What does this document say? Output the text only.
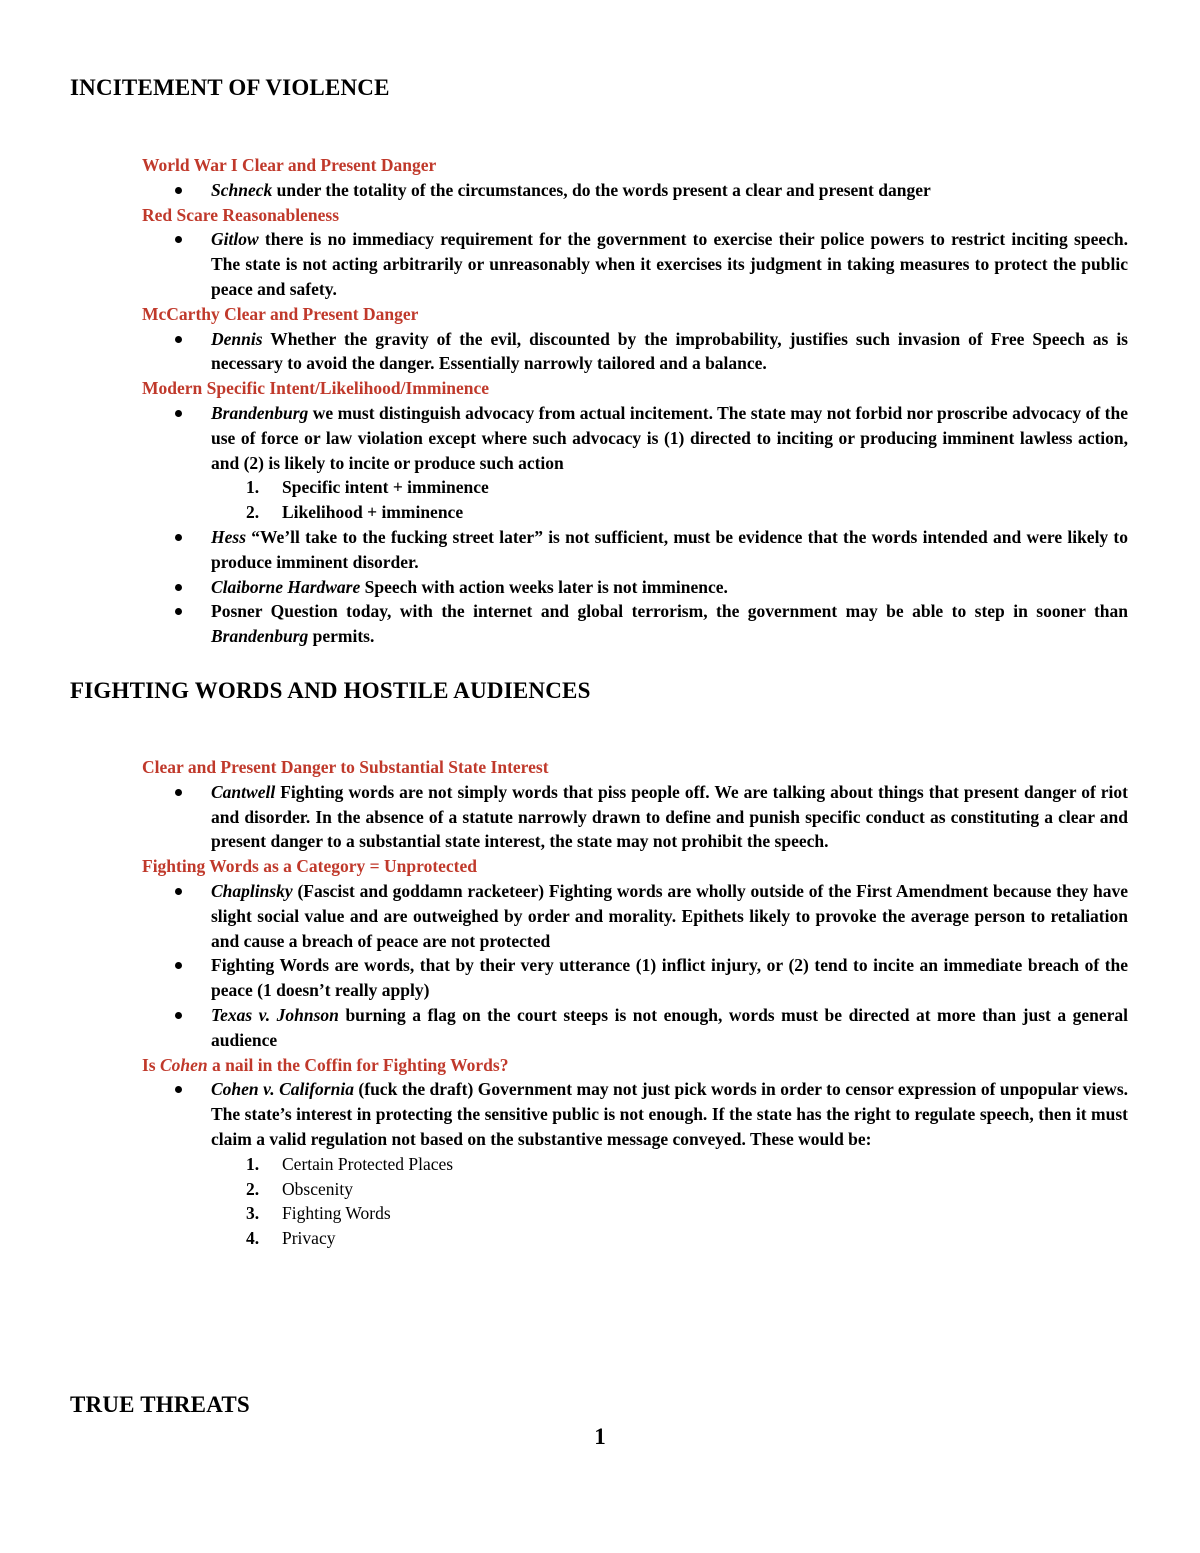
INCITEMENT OF VIOLENCE

World War I Clear and Present Danger

Schneck under the totality of the circumstances, do the words present a clear and present danger

Red Scare Reasonableness

Gitlow there is no immediacy requirement for the government to exercise their police powers to restrict inciting speech. The state is not acting arbitrarily or unreasonably when it exercises its judgment in taking measures to protect the public peace and safety.

McCarthy Clear and Present Danger

Dennis Whether the gravity of the evil, discounted by the improbability, justifies such invasion of Free Speech as is necessary to avoid the danger. Essentially narrowly tailored and a balance.

Modern Specific Intent/Likelihood/Imminence

Brandenburg we must distinguish advocacy from actual incitement. The state may not forbid nor proscribe advocacy of the use of force or law violation except where such advocacy is (1) directed to inciting or producing imminent lawless action, and (2) is likely to incite or produce such action
1. Specific intent + imminence
2. Likelihood + imminence
Hess “We’ll take to the fucking street later” is not sufficient, must be evidence that the words intended and were likely to produce imminent disorder.
Claiborne Hardware Speech with action weeks later is not imminence.
Posner Question today, with the internet and global terrorism, the government may be able to step in sooner than Brandenburg permits.
FIGHTING WORDS AND HOSTILE AUDIENCES

Clear and Present Danger to Substantial State Interest

Cantwell Fighting words are not simply words that piss people off. We are talking about things that present danger of riot and disorder. In the absence of a statute narrowly drawn to define and punish specific conduct as constituting a clear and present danger to a substantial state interest, the state may not prohibit the speech.

Fighting Words as a Category = Unprotected

Chaplinsky (Fascist and goddamn racketeer) Fighting words are wholly outside of the First Amendment because they have slight social value and are outweighed by order and morality. Epithets likely to provoke the average person to retaliation and cause a breach of peace are not protected
Fighting Words are words, that by their very utterance (1) inflict injury, or (2) tend to incite an immediate breach of the peace (1 doesn’t really apply)
Texas v. Johnson burning a flag on the court steeps is not enough, words must be directed at more than just a general audience

Is Cohen a nail in the Coffin for Fighting Words?

Cohen v. California (fuck the draft) Government may not just pick words in order to censor expression of unpopular views. The state’s interest in protecting the sensitive public is not enough. If the state has the right to regulate speech, then it must claim a valid regulation not based on the substantive message conveyed. These would be:
1. Certain Protected Places
2. Obscenity
3. Fighting Words
4. Privacy
TRUE THREATS
1
